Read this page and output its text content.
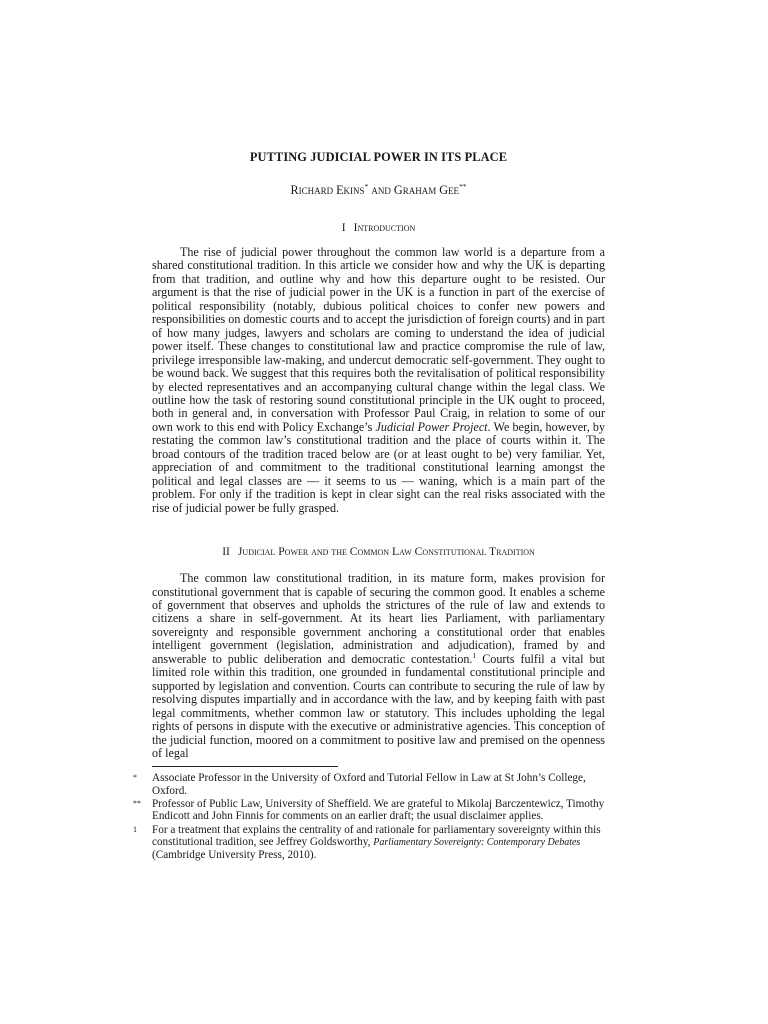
PUTTING JUDICIAL POWER IN ITS PLACE
Richard Ekins* and Graham Gee**
I Introduction

The rise of judicial power throughout the common law world is a departure from a shared constitutional tradition. In this article we consider how and why the UK is departing from that tradition, and outline why and how this departure ought to be resisted. Our argument is that the rise of judicial power in the UK is a function in part of the exercise of political responsibility (notably, dubious political choices to confer new powers and responsibilities on domestic courts and to accept the jurisdiction of foreign courts) and in part of how many judges, lawyers and scholars are coming to understand the idea of judicial power itself. These changes to constitutional law and practice compromise the rule of law, privilege irresponsible law-making, and undercut democratic self-government. They ought to be wound back. We suggest that this requires both the revitalisation of political responsibility by elected representatives and an accompanying cultural change within the legal class. We outline how the task of restoring sound constitutional principle in the UK ought to proceed, both in general and, in conversation with Professor Paul Craig, in relation to some of our own work to this end with Policy Exchange’s Judicial Power Project. We begin, however, by restating the common law’s constitutional tradition and the place of courts within it. The broad contours of the tradition traced below are (or at least ought to be) very familiar. Yet, appreciation of and commitment to the traditional constitutional learning amongst the political and legal classes are — it seems to us — waning, which is a main part of the problem. For only if the tradition is kept in clear sight can the real risks associated with the rise of judicial power be fully grasped.

II Judicial Power and the Common Law Constitutional Tradition

The common law constitutional tradition, in its mature form, makes provision for constitutional government that is capable of securing the common good. It enables a scheme of government that observes and upholds the strictures of the rule of law and extends to citizens a share in self-government. At its heart lies Parliament, with parliamentary sovereignty and responsible government anchoring a constitutional order that enables intelligent government (legislation, administration and adjudication), framed by and answerable to public deliberation and democratic contestation.$^1$ Courts fulfil a vital but limited role within this tradition, one grounded in fundamental constitutional principle and supported by legislation and convention. Courts can contribute to securing the rule of law by resolving disputes impartially and in accordance with the law, and by keeping faith with past legal commitments, whether common law or statutory. This includes upholding the legal rights of persons in dispute with the executive or administrative agencies. This conception of the judicial function, moored on a commitment to positive law and premised on the openness of legal

*	Associate Professor in the University of Oxford and Tutorial Fellow in Law at St John’s College, Oxford.

** Professor of Public Law, University of Sheffield. We are grateful to Mikolaj Barczentewicz, Timothy Endicott and John Finnis for comments on an earlier draft; the usual disclaimer applies.

1	For a treatment that explains the centrality of and rationale for parliamentary sovereignty within this constitutional tradition, see Jeffrey Goldsworthy, Parliamentary Sovereignty: Contemporary Debates (Cambridge University Press, 2010).
